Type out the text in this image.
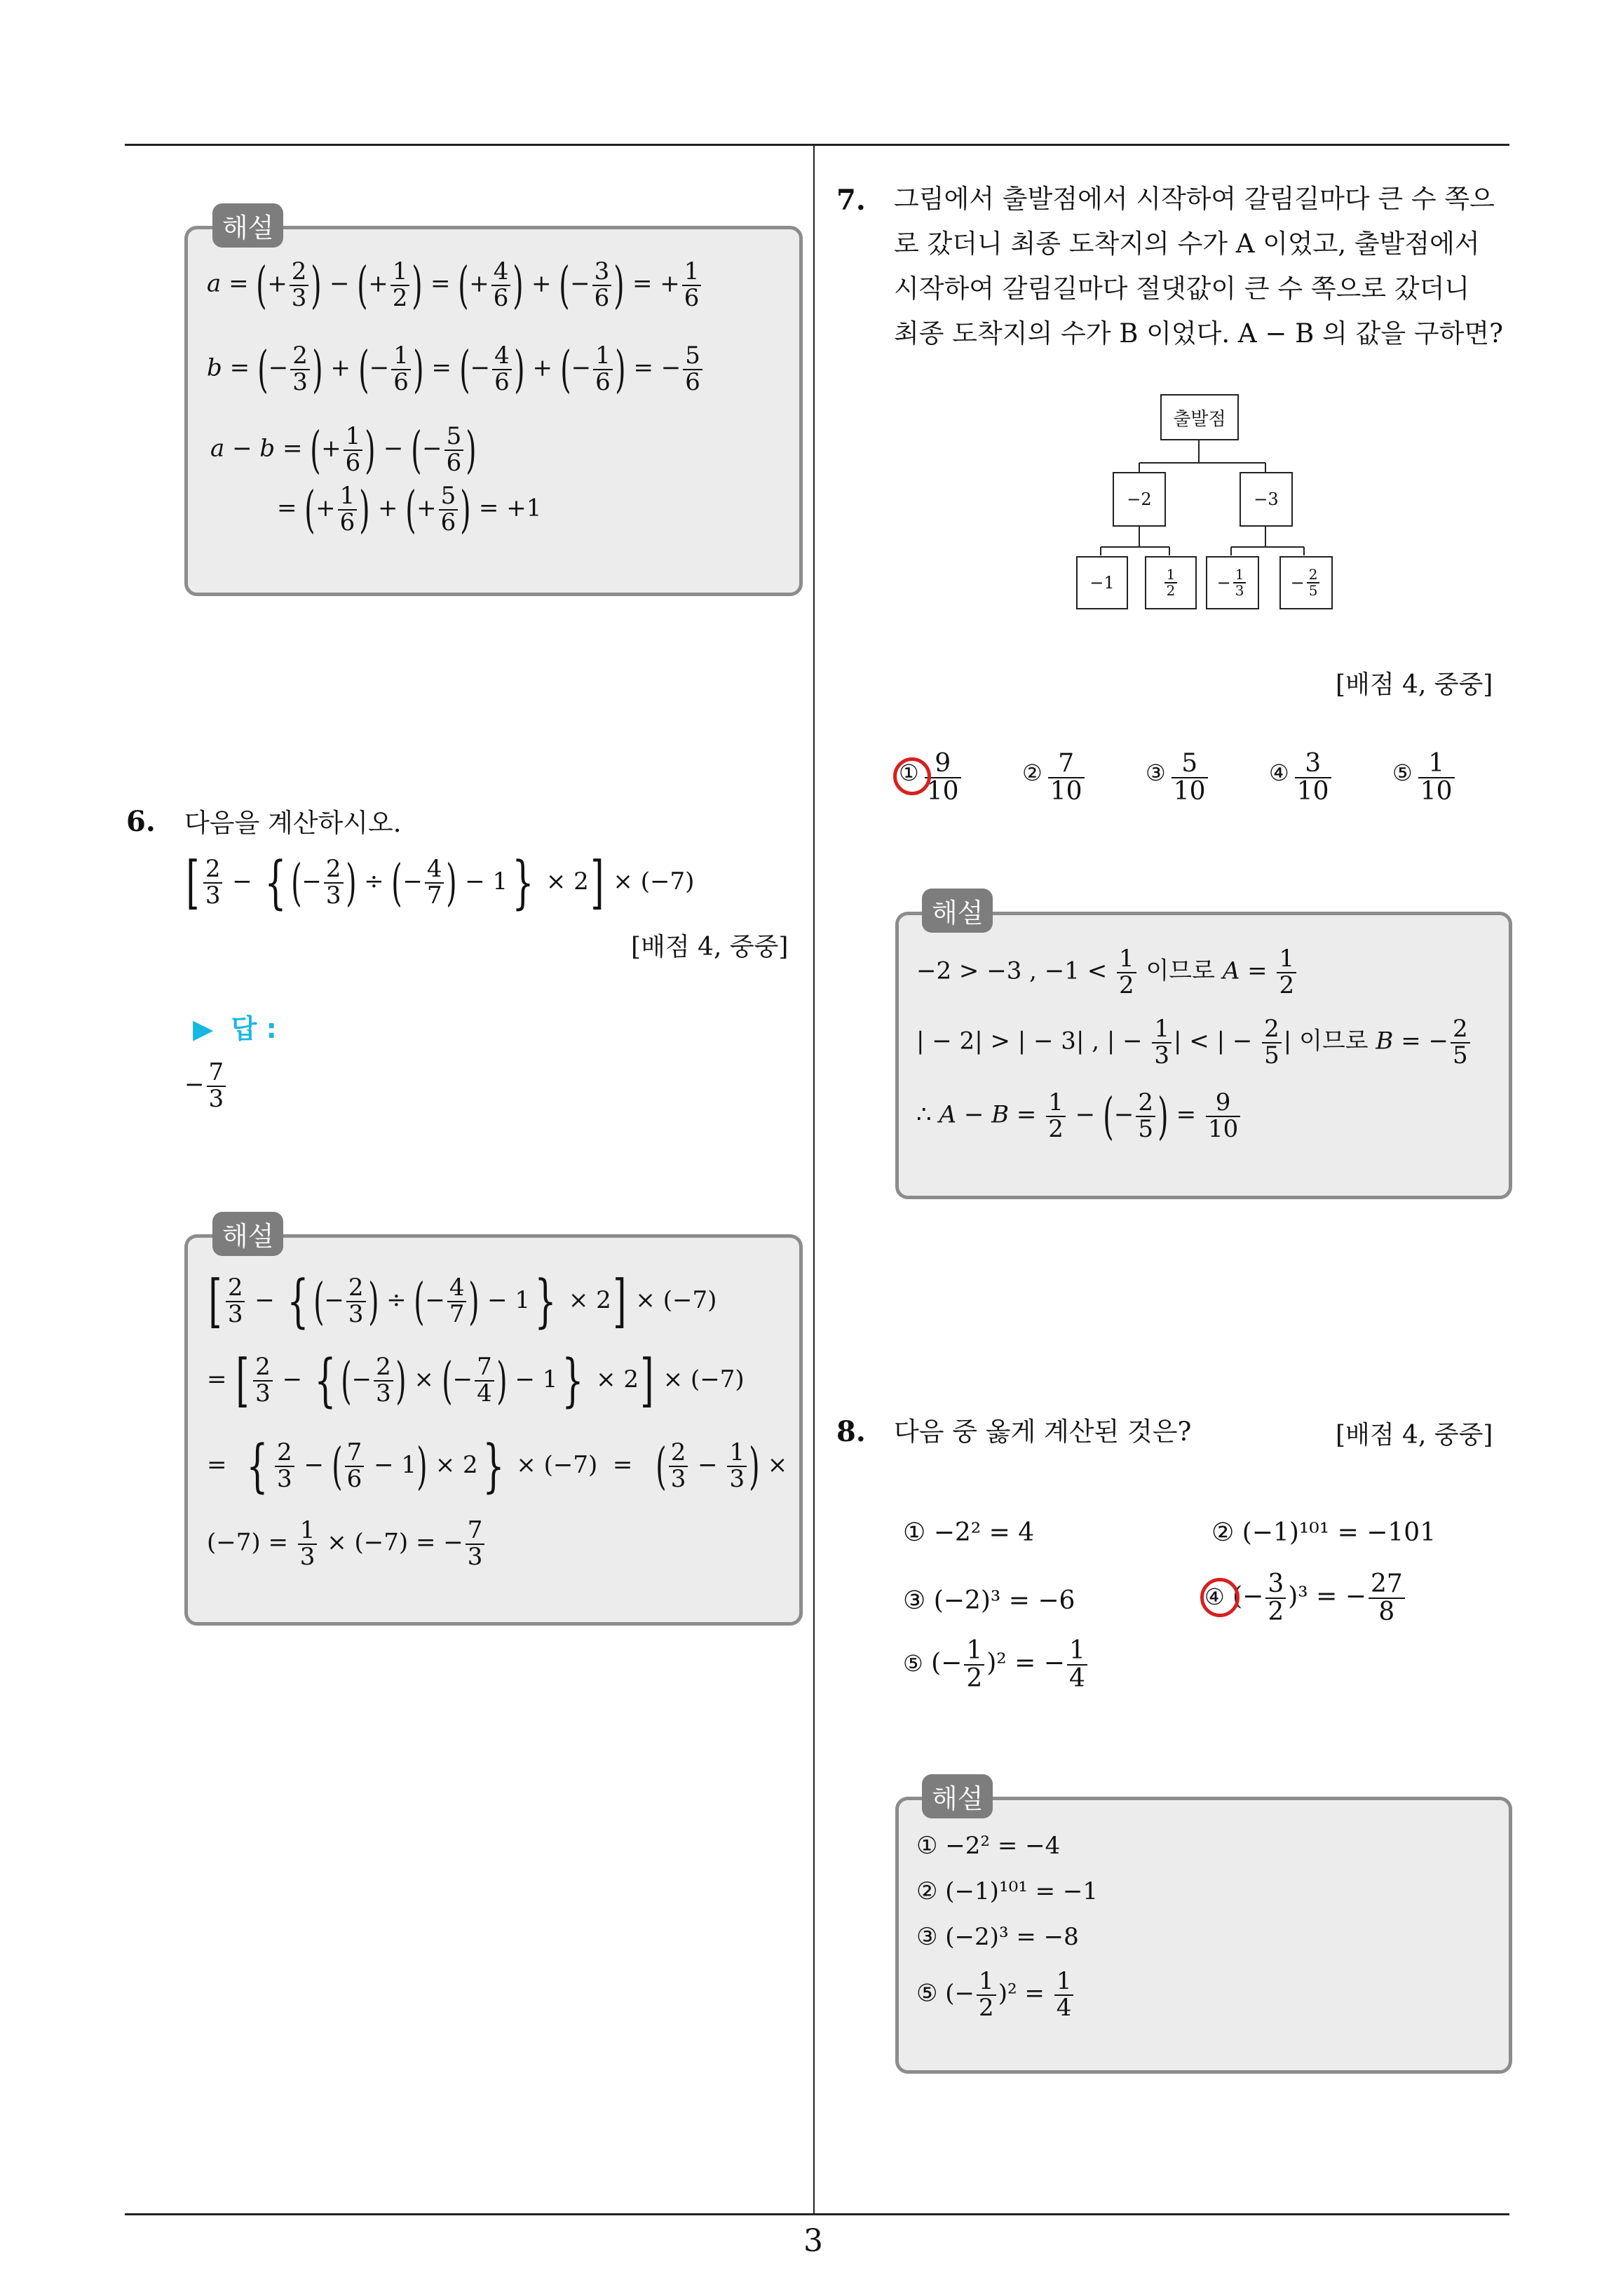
3
해설
a = (+ $\frac{2}{3}$ ) − (+ $\frac{1}{2}$ ) = (+ $\frac{4}{6}$ ) + (− $\frac{3}{6}$ ) = + $\frac{1}{6}$
b = (− $\frac{2}{3}$ ) + (− $\frac{1}{6}$ ) = (− $\frac{4}{6}$ ) + (− $\frac{1}{6}$ ) = − $\frac{5}{6}$
a − b = (+ $\frac{1}{6}$ ) − (− $\frac{5}{6}$ )
= (+ $\frac{1}{6}$ ) + (+ $\frac{5}{6}$ ) = +1
6. 다음을 계산하시오.
[ $\frac{2}{3}$ − {(− $\frac{2}{3}$ ) ÷ (− $\frac{4}{7}$ ) − 1} × 2] × (−7)
[배점 4, 중중]
▶ 답 :
− $\frac{7}{3}$
해설
[ $\frac{2}{3}$ − {(− $\frac{2}{3}$ ) ÷ (− $\frac{4}{7}$ ) − 1} × 2] × (−7)
= [ $\frac{2}{3}$ − {(− $\frac{2}{3}$ ) × (− $\frac{7}{4}$ ) − 1} × 2] × (−7)
=  { $\frac{2}{3}$ − ( $\frac{7}{6} - 1) \times 2\} \times (-7)$  =   ( $\frac{2}{3} - \frac{1}{3}$ ) ×
$(-7) = \frac{1}{3} \times (-7)$ = − $\frac{7}{3}$
7. 그림에서 출발점에서 시작하여 갈림길마다 큰 수 쪽으
로 갔더니 최종 도착지의 수가 A 이었고, 출발점에서
시작하여 갈림길마다 절댓값이 큰 수 쪽으로 갔더니
최종 도착지의 수가 B 이었다. A − B 의 값을 구하면?
출발점
−2	−3
−1	$\frac{1}{2}$	− $\frac{1}{3}$	− $\frac{2}{5}$
[배점 4, 중중]
① $\frac{9}{10}$	② $\frac{7}{10}$	③ $\frac{5}{10}$	④ $\frac{3}{10}$	⑤ $\frac{1}{10}$
해설
−2 > −3 , $-1 < \frac{1}{2}$ 이므로 $A = \frac{1}{2}$
| − 2| > | − 3| , | − $\frac{1}{3}$ | < | − $\frac{2}{5}$ | 이므로 B = − $\frac{2}{5}$
∴ $A - B = \frac{1}{2}$ − (− $\frac{2}{5}$ ) = $\frac{9}{10}$
8. 다음 중 옳게 계산된 것은?	[배점 4, 중중]
① −2² = 4	② (−1)¹⁰¹ = −101
③ (−2)³ = −6	④ (− $\frac{3}{2} )^3$ = − $\frac{27}{8}$
⑤ (− $\frac{1}{2} )^2$ = − $\frac{1}{4}$
해설
① −2² = −4
② (−1)¹⁰¹ = −1
③ (−2)³ = −8
⑤ (− $\frac{1}{2} )^2 = \frac{1}{4}$
